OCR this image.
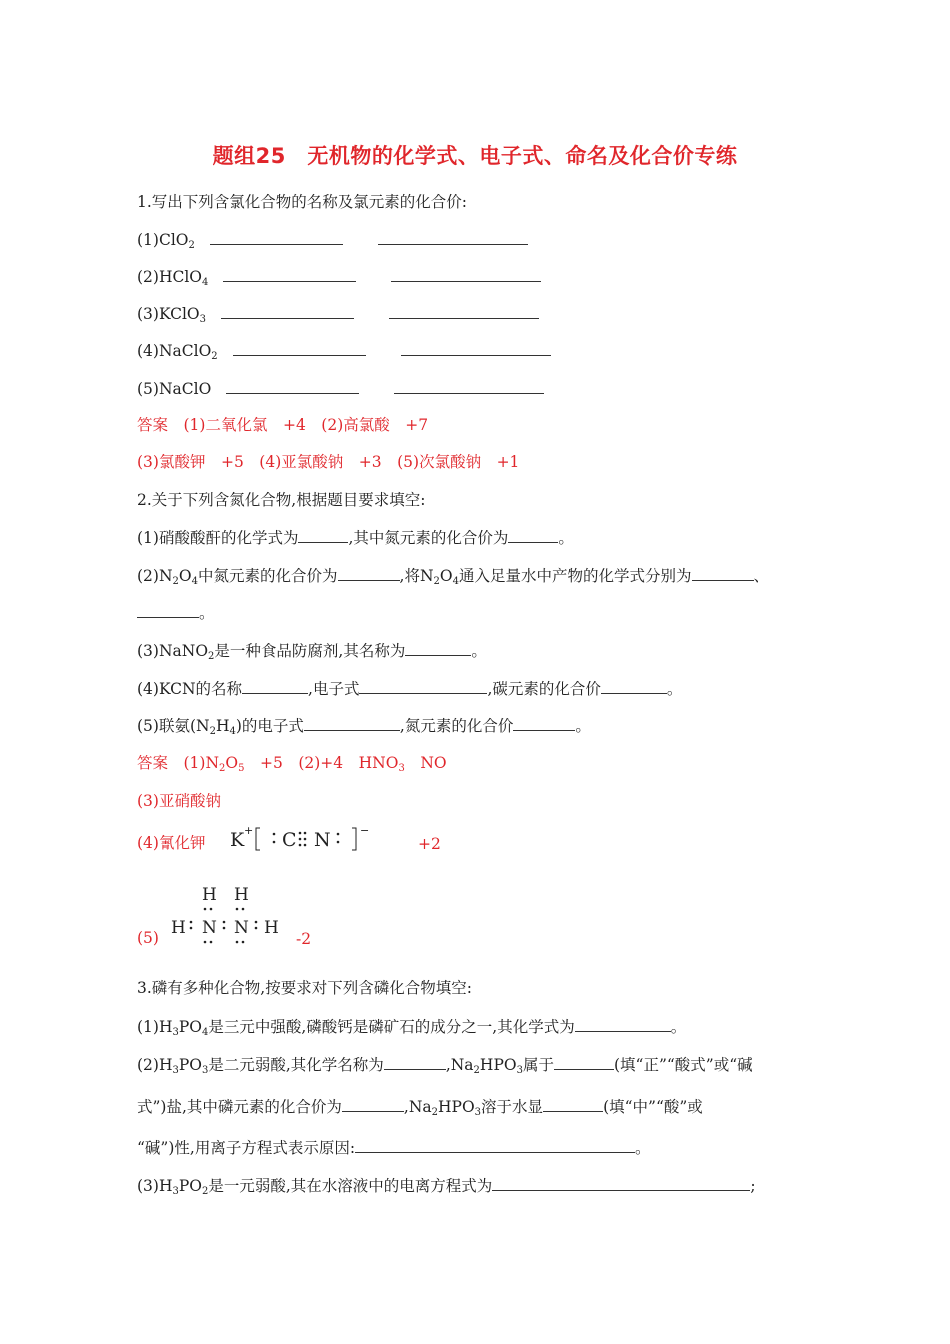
题组25　无机物的化学式、电子式、命名及化合价专练
1.写出下列含氯化合物的名称及氯元素的化合价:
(1)ClO$_2$
(2)HClO$_4$
(3)KClO$_3$
(4)NaClO$_2$
(5)NaClO
答案　(1)二氧化氯　+4　(2)高氯酸　+7
(3)氯酸钾　+5　(4)亚氯酸钠　+3　(5)次氯酸钠　+1
2.关于下列含氮化合物,根据题目要求填空:
(1)硝酸酸酐的化学式为	,其中氮元素的化合价为	。
$(2)N_2O_4$中氮元素的化合价为	,将$N_2O_4$通入足量水中产物的化学式分别为	、
。
(3)NaNO$_2$是一种食品防腐剂,其名称为	。
(4)KCN的名称	,电子式	,碳元素的化合价	。
(5)联氨$(N_2H_4)$的电子式	,氮元素的化合价	。
答案　$(1)N_2O_5$　+5　(2)+4　$HNO_3$　NO
(3)亚硝酸钠
(4)氰化钾 K + C N	−
+2
(5)
H H
H N N H
-2
3.磷有多种化合物,按要求对下列含磷化合物填空:
$(1)H_3PO_4$是三元中强酸,磷酸钙是磷矿石的成分之一,其化学式为	。
$(2)H_3PO_3$是二元弱酸,其化学名称为	$,Na_2HPO_3$属于	(填“正”“酸式”或“碱
式”)盐,其中磷元素的化合价为	$,Na_2HPO_3$溶于水显	(填“中”“酸”或
“碱”)性,用离子方程式表示原因:	。
$(3)H_3PO_2$是一元弱酸,其在水溶液中的电离方程式为	;
